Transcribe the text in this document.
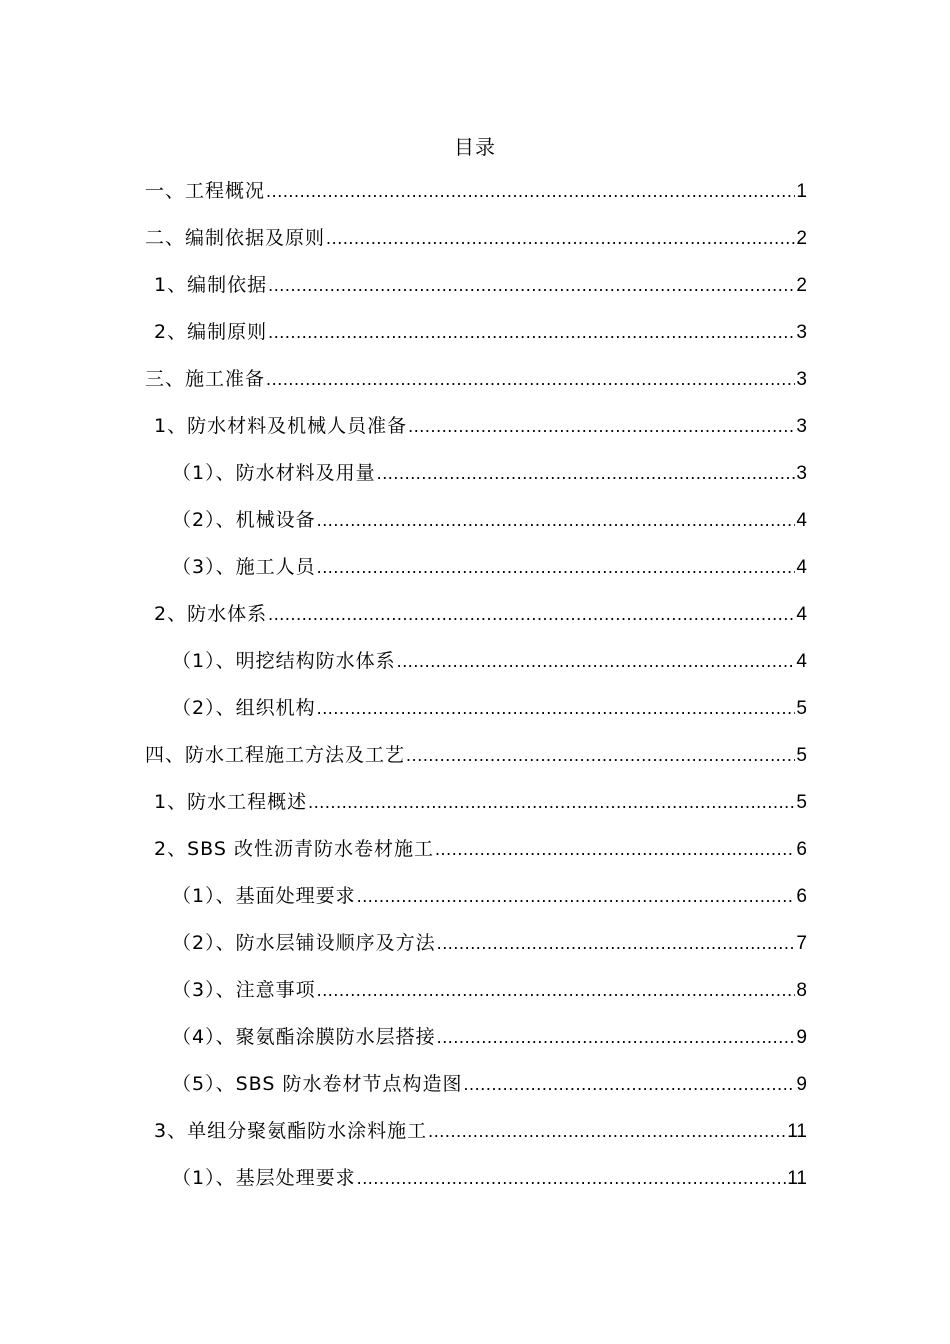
目录
一、工程概况 .....	1
二、编制依据及原则 .....	2
1、编制依据 .....	2
2、编制原则 .....	3
三、施工准备 .....	3
1、防水材料及机械人员准备 .....	3
（1）、防水材料及用量 .....	3
（2）、机械设备 .....	4
（3）、施工人员 .....	4
2、防水体系 .....	4
（1）、明挖结构防水体系 .....	4
（2）、组织机构 .....	5
四、防水工程施工方法及工艺 .....	5
1、防水工程概述 .....	5
2、SBS 改性沥青防水卷材施工 .....	6
（1）、基面处理要求 .....	6
（2）、防水层铺设顺序及方法 .....	7
（3）、注意事项 .....	8
（4）、聚氨酯涂膜防水层搭接 .....	9
（5）、SBS 防水卷材节点构造图 .....	9
3、单组分聚氨酯防水涂料施工 .....	11
（1）、基层处理要求 .....	11
